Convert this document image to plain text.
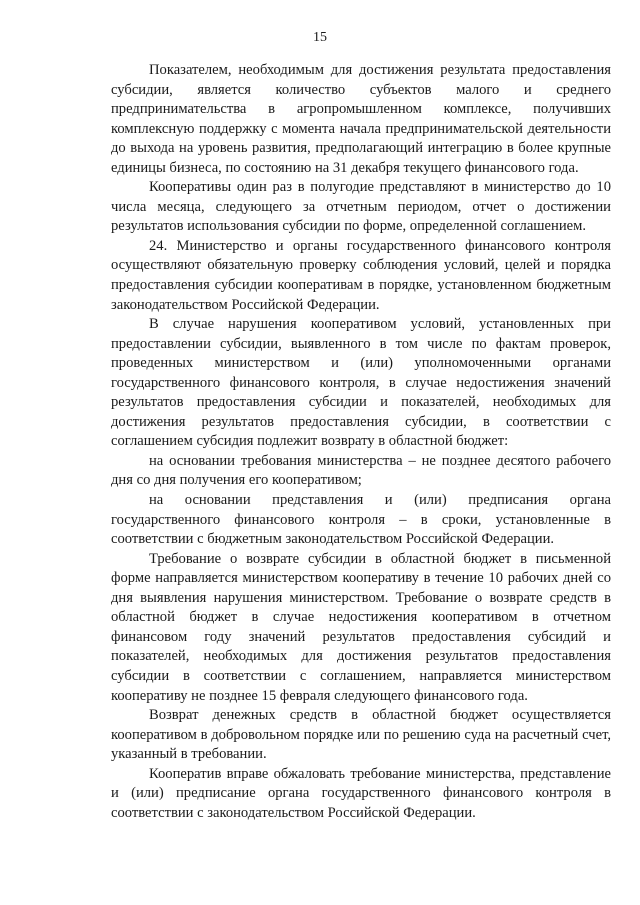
15

Показателем, необходимым для достижения результата предоставления субсидии, является количество субъектов малого и среднего предпринимательства в агропромышленном комплексе, получивших комплексную поддержку с момента начала предпринимательской деятельности до выхода на уровень развития, предполагающий интеграцию в более крупные единицы бизнеса, по состоянию на 31 декабря текущего финансового года.

Кооперативы один раз в полугодие представляют в министерство до 10 числа месяца, следующего за отчетным периодом, отчет о достижении результатов использования субсидии по форме, определенной соглашением.

24. Министерство и органы государственного финансового контроля осуществляют обязательную проверку соблюдения условий, целей и порядка предоставления субсидии кооперативам в порядке, установленном бюджетным законодательством Российской Федерации.

В случае нарушения кооперативом условий, установленных при предоставлении субсидии, выявленного в том числе по фактам проверок, проведенных министерством и (или) уполномоченными органами государственного финансового контроля, в случае недостижения значений результатов предоставления субсидии и показателей, необходимых для достижения результатов предоставления субсидии, в соответствии с соглашением субсидия подлежит возврату в областной бюджет:

на основании требования министерства – не позднее десятого рабочего дня со дня получения его кооперативом;

на основании представления и (или) предписания органа государственного финансового контроля – в сроки, установленные в соответствии с бюджетным законодательством Российской Федерации.

Требование о возврате субсидии в областной бюджет в письменной форме направляется министерством кооперативу в течение 10 рабочих дней со дня выявления нарушения министерством. Требование о возврате средств в областной бюджет в случае недостижения кооперативом в отчетном финансовом году значений результатов предоставления субсидий и показателей, необходимых для достижения результатов предоставления субсидии в соответствии с соглашением, направляется министерством кооперативу не позднее 15 февраля следующего финансового года.

Возврат денежных средств в областной бюджет осуществляется кооперативом в добровольном порядке или по решению суда на расчетный счет, указанный в требовании.

Кооператив вправе обжаловать требование министерства, представление и (или) предписание органа государственного финансового контроля в соответствии с законодательством Российской Федерации.
